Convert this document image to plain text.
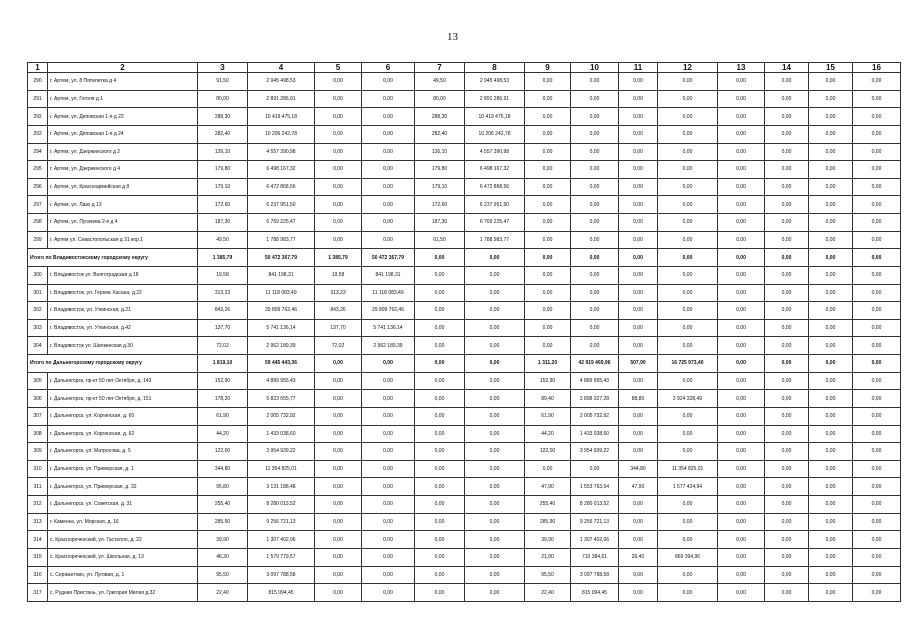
13
1	2	3	4	5	6	7	8	9	10	11	12	13	14	15	16
290	г. Артем, ул. 8 Пятилетка д 4	91,50	2 945 498,53	0,00	0,00	49,50	2 945 498,53	0,00	0,00	0,00	0,00	0,00	0,00	0,00	0,00
291	г. Артем, ул. Гоголя д 1	80,00	2 891 286,91	0,00	0,00	80,00	2 891 286,91	0,00	0,00	0,00	0,00	0,00	0,00	0,00	0,00
292	г. Артем, ул. Деповская 1-я д 22	288,30	10 419 475,18	0,00	0,00	288,30	10 419 475,18	0,00	0,00	0,00	0,00	0,00	0,00	0,00	0,00
293	г. Артем, ул. Деповская 1-я д 24	282,40	10 206 242,78	0,00	0,00	282,40	10 206 242,78	0,00	0,00	0,00	0,00	0,00	0,00	0,00	0,00
294	г. Артем, ул. Дзержинского д 2	126,10	4 557 390,98	0,00	0,00	126,10	4 557 390,98	0,00	0,00	0,00	0,00	0,00	0,00	0,00	0,00
295	г. Артем, ул. Дзержинского д 4	179,80	6 498 167,32	0,00	0,00	179,80	6 498 167,32	0,00	0,00	0,00	0,00	0,00	0,00	0,00	0,00
296	г. Артем, ул. Красноармейская д 8	179,10	6 472 868,56	0,00	0,00	179,10	6 472 868,56	0,00	0,00	0,00	0,00	0,00	0,00	0,00	0,00
297	г. Артем, ул. Лазо д 13	172,60	6 237 951,50	0,00	0,00	172,60	6 237 951,50	0,00	0,00	0,00	0,00	0,00	0,00	0,00	0,00
298	г. Артем, ул. Пугачева 2-я д 4	187,30	6 769 225,47	0,00	0,00	187,30	6 769 225,47	0,00	0,00	0,00	0,00	0,00	0,00	0,00	0,00
299	г. Артем ул. Севастопольская д 31 кор.1	49,50	1 788 983,77	0,00	0,00	61,50	1 788 983,77	0,00	0,00	0,00	0,00	0,00	0,00	0,00	0,00
Итого по Владивостокскому городскому округу		1 385,79	50 472 367,79	1 385,79	50 472 367,79	0,00	0,00	0,00	0,00	0,00	0,00	0,00	0,00	0,00	0,00
300	г. Владивосток ул. Волгоградская д 18	19,58	841 198,31	19,58	841 198,31	0,00	0,00	0,00	0,00	0,00	0,00	0,00	0,00	0,00	0,00
301	г. Владивосток, ул. Героев Хасана, д.22	313,23	11 118 083,49	313,23	11 118 083,49	0,00	0,00	0,00	0,00	0,00	0,00	0,00	0,00	0,00	0,00
302	г. Владивосток, ул. Уткинская, д.21	843,26	29 809 762,46	843,26	29 809 762,46	0,00	0,00	0,00	0,00	0,00	0,00	0,00	0,00	0,00	0,00
303	г. Владивосток, ул. Уткинская, д.42	137,70	5 741 136,14	137,70	5 741 136,14	0,00	0,00	0,00	0,00	0,00	0,00	0,00	0,00	0,00	0,00
304	г. Владивосток ул. Шилкинская д.30	72,02	2 962 189,39	72,02	2 962 189,39	0,00	0,00	0,00	0,00	0,00	0,00	0,00	0,00	0,00	0,00
Итого по Дальнегорскому городскому округу		1 819,10	59 445 443,36	0,00	0,00	0,00	0,00	1 311,20	42 919 469,96	507,90	16 725 973,40	0,00	0,00	0,00	0,00
305	г. Дальнегорск, пр-кт 50 лет Октября, д. 143	152,90	4 889 955,43	0,00	0,00	0,00	0,00	152,90	4 889 955,43	0,00	0,00	0,00	0,00	0,00	0,00
306	г. Дальнегорск, пр-кт 50 лет Октября, д. 151	178,20	5 823 655,77	0,00	0,00	0,00	0,00	89,40	2 898 327,28	88,80	2 924 328,49	0,00	0,00	0,00	0,00
307	г. Дальнегорск, ул. Коргинская, д. 60	61,90	2 005 732,92	0,00	0,00	0,00	0,00	61,90	2 005 732,92	0,00	0,00	0,00	0,00	0,00	0,00
308	г. Дальнегорск, ул. Коргинская, д. 62	44,20	1 433 038,60	0,00	0,00	0,00	0,00	44,20	1 433 038,60	0,00	0,00	0,00	0,00	0,00	0,00
309	г. Дальнегорск, ул. Матросова, д. 5	122,00	3 954 939,22	0,00	0,00	0,00	0,00	122,00	3 954 939,22	0,00	0,00	0,00	0,00	0,00	0,00
310	г. Дальнегорск, ул. Приморская, д. 1	344,80	11 354 825,01	0,00	0,00	0,00	0,00	0,00	0,00	344,80	11 354 825,01	0,00	0,00	0,00	0,00
311	г. Дальнегорск, ул. Приморская, д. 32	95,80	3 131 188,48	0,00	0,00	0,00	0,00	47,90	1 553 763,54	47,90	1 577 424,94	0,00	0,00	0,00	0,00
312	г. Дальнегорск, ул. Советская, д. 31	255,40	8 280 013,52	0,00	0,00	0,00	0,00	255,40	8 280 013,52	0,00	0,00	0,00	0,00	0,00	0,00
313	г. Каменка, ул. Морская, д. 16	285,90	9 256 721,13	0,00	0,00	0,00	0,00	285,90	9 256 721,13	0,00	0,00	0,00	0,00	0,00	0,00
314	с. Краснореченский, ул. Гастелло, д. 22	39,90	1 307 402,06	0,00	0,00	0,00	0,00	39,90	1 307 402,06	0,00	0,00	0,00	0,00	0,00	0,00
315	с. Краснореченский, ул. Школьная, д. 13	48,30	1 579 779,57	0,00	0,00	0,00	0,00	21,90	710 384,61	26,40	869 394,96	0,00	0,00	0,00	0,00
316	с. Сержантово, ул. Луговая, д. 1	95,50	3 097 788,58	0,00	0,00	0,00	0,00	95,50	3 097 788,58	0,00	0,00	0,00	0,00	0,00	0,00
317	с. Рудная Пристань, ул. Григория Милая д.32	22,40	815 094,45	0,00	0,00	0,00	0,00	22,40	815 094,45	0,00	0,00	0,00	0,00	0,00	0,00
